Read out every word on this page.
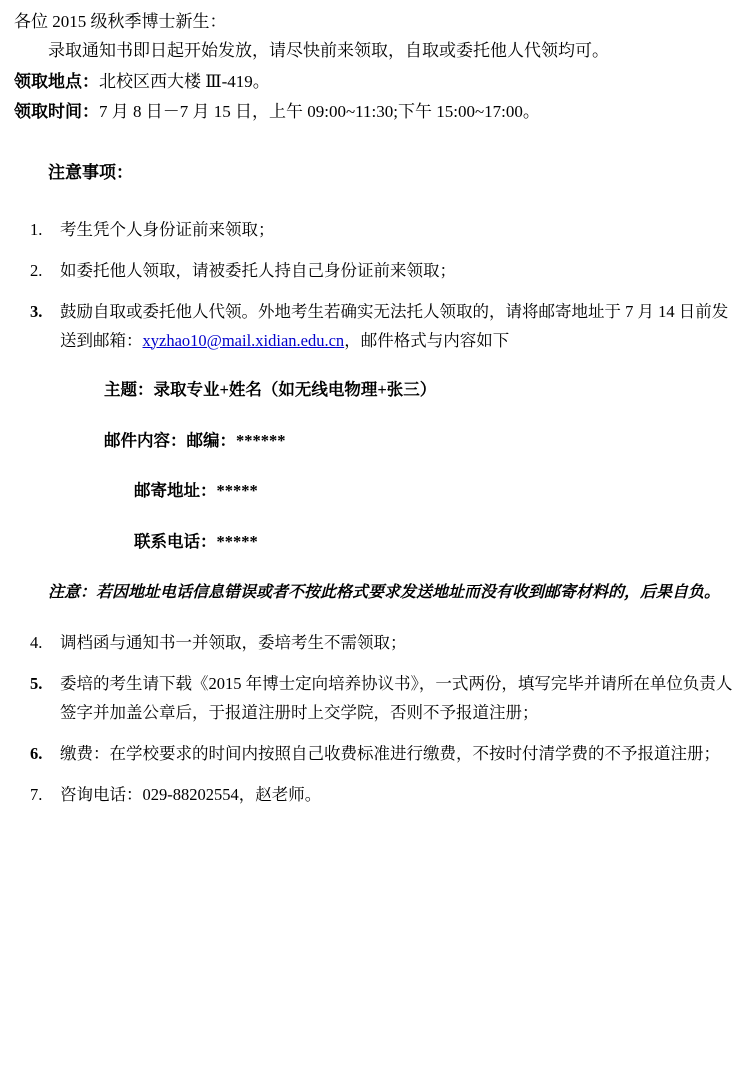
各位 2015 级秋季博士新生：

录取通知书即日起开始发放，请尽快前来领取，自取或委托他人代领均可。

领取地点：北校区西大楼 Ⅲ-419。

领取时间：7 月 8 日－7 月 15 日，上午 09:00~11:30;下午 15:00~17:00。

注意事项：

1.	考生凭个人身份证前来领取；
2.	如委托他人领取，请被委托人持自己身份证前来领取；
3.	鼓励自取或委托他人代领。外地考生若确实无法托人领取的，请将邮寄地址于 7 月 14 日前发送到邮箱：xyzhao10@mail.xidian.edu.cn，邮件格式与内容如下
主题：录取专业+姓名（如无线电物理+张三）
邮件内容：邮编：******
邮寄地址：*****
联系电话：*****

注意：若因地址电话信息错误或者不按此格式要求发送地址而没有收到邮寄材料的，后果自负。

4.	调档函与通知书一并领取，委培考生不需领取；
5.	委培的考生请下载《2015 年博士定向培养协议书》，一式两份，填写完毕并请所在单位负责人签字并加盖公章后，于报道注册时上交学院，否则不予报道注册；
6.	缴费：在学校要求的时间内按照自己收费标准进行缴费，不按时付清学费的不予报道注册；
7.	咨询电话：029-88202554，赵老师。
